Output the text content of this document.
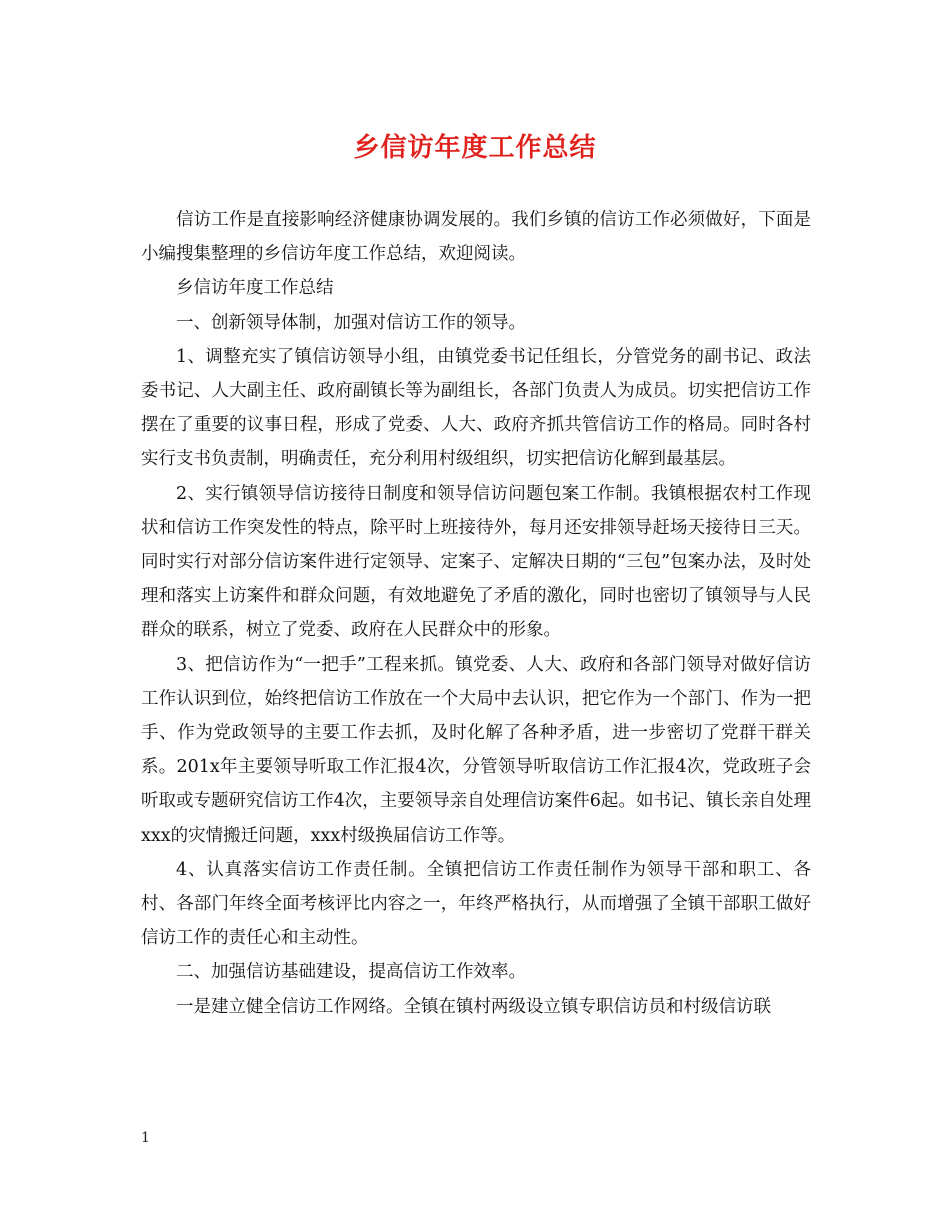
乡信访年度工作总结

信访工作是直接影响经济健康协调发展的。我们乡镇的信访工作必须做好，下面是小编搜集整理的乡信访年度工作总结，欢迎阅读。

乡信访年度工作总结

一、创新领导体制，加强对信访工作的领导。

1、调整充实了镇信访领导小组，由镇党委书记任组长，分管党务的副书记、政法委书记、人大副主任、政府副镇长等为副组长，各部门负责人为成员。切实把信访工作摆在了重要的议事日程，形成了党委、人大、政府齐抓共管信访工作的格局。同时各村实行支书负责制，明确责任，充分利用村级组织，切实把信访化解到最基层。

2、实行镇领导信访接待日制度和领导信访问题包案工作制。我镇根据农村工作现状和信访工作突发性的特点，除平时上班接待外，每月还安排领导赶场天接待日三天。同时实行对部分信访案件进行定领导、定案子、定解决日期的“三包”包案办法，及时处理和落实上访案件和群众问题，有效地避免了矛盾的激化，同时也密切了镇领导与人民群众的联系，树立了党委、政府在人民群众中的形象。

3、把信访作为“一把手”工程来抓。镇党委、人大、政府和各部门领导对做好信访工作认识到位，始终把信访工作放在一个大局中去认识，把它作为一个部门、作为一把手、作为党政领导的主要工作去抓，及时化解了各种矛盾，进一步密切了党群干群关系。201x年主要领导听取工作汇报4次，分管领导听取信访工作汇报4次，党政班子会听取或专题研究信访工作4次，主要领导亲自处理信访案件6起。如书记、镇长亲自处理xxx的灾情搬迁问题，xxx村级换届信访工作等。

4、认真落实信访工作责任制。全镇把信访工作责任制作为领导干部和职工、各村、各部门年终全面考核评比内容之一，年终严格执行，从而增强了全镇干部职工做好信访工作的责任心和主动性。

二、加强信访基础建设，提高信访工作效率。

一是建立健全信访工作网络。全镇在镇村两级设立镇专职信访员和村级信访联

1
